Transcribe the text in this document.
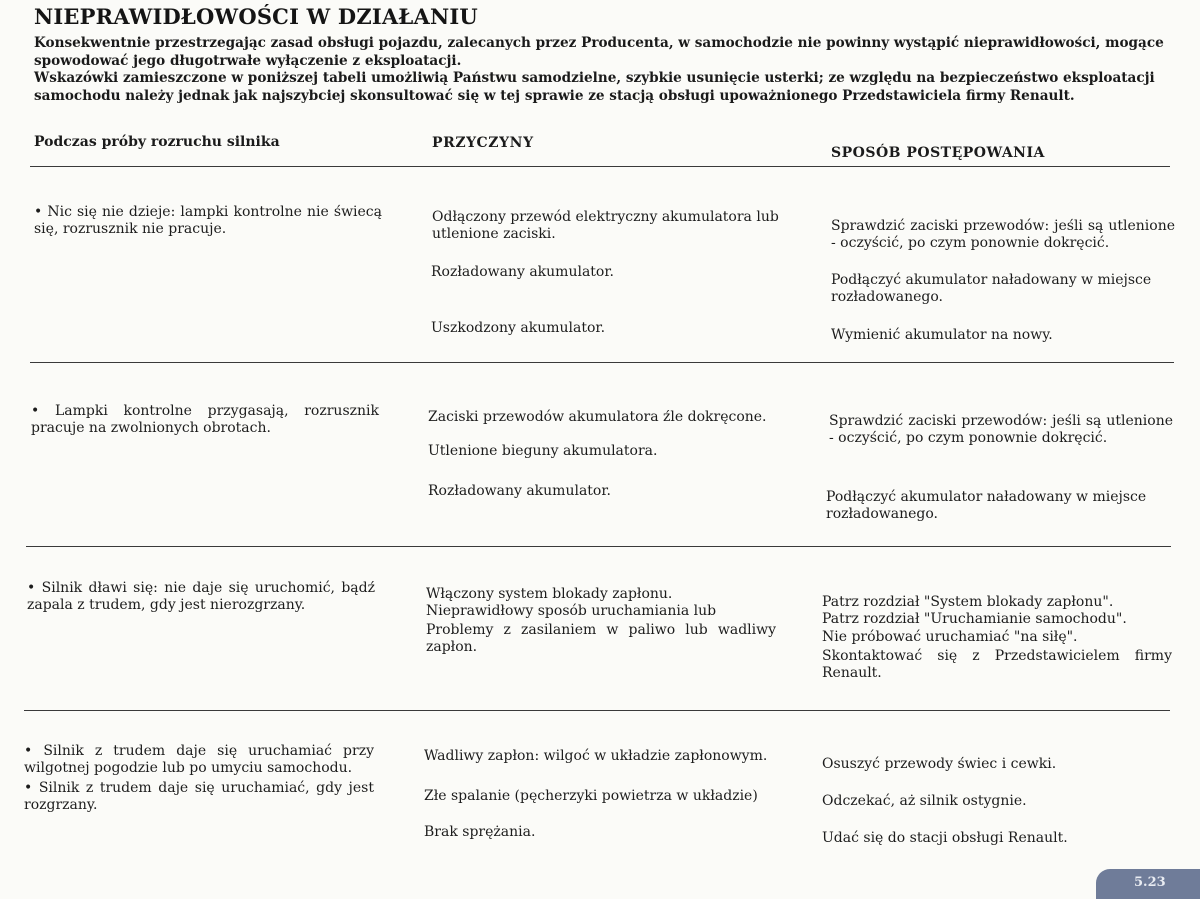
NIEPRAWIDŁOWOŚCI W DZIAŁANIU

Konsekwentnie przestrzegając zasad obsługi pojazdu, zalecanych przez Producenta, w samochodzie nie powinny wystąpić nieprawidłowości, mogące spowodować jego długotrwałe wyłączenie z eksploatacji.

Wskazówki zamieszczone w poniższej tabeli umożliwią Państwu samodzielne, szybkie usunięcie usterki; ze względu na bezpieczeństwo eksploatacji samochodu należy jednak jak najszybciej skonsultować się w tej sprawie ze stacją obsługi upoważnionego Przedstawiciela firmy Renault.

Podczas próby rozruchu silnika	PRZYCZYNY
SPOSÓB POSTĘPOWANIA
• Nic się nie dzieje: lampki kontrolne nie świecą się, rozrusznik nie pracuje.
Odłączony przewód elektryczny akumulatora lub utlenione zaciski.
Rozładowany akumulator.
Uszkodzony akumulator.
Sprawdzić zaciski przewodów: jeśli są utlenione - oczyścić, po czym ponownie dokręcić.
Podłączyć akumulator naładowany w miejsce rozładowanego.
Wymienić akumulator na nowy.
• Lampki kontrolne przygasają, rozrusznik pracuje na zwolnionych obrotach.
Zaciski przewodów akumulatora źle dokręcone.
Utlenione bieguny akumulatora.
Rozładowany akumulator.
Sprawdzić zaciski przewodów: jeśli są utlenione - oczyścić, po czym ponownie dokręcić.
Podłączyć akumulator naładowany w miejsce rozładowanego.
• Silnik dławi się: nie daje się uruchomić, bądź zapala z trudem, gdy jest nierozgrzany.
Włączony system blokady zapłonu.
Nieprawidłowy sposób uruchamiania lub
Problemy z zasilaniem w paliwo lub wadliwy zapłon.
Patrz rozdział "System blokady zapłonu".
Patrz rozdział "Uruchamianie samochodu".
Nie próbować uruchamiać "na siłę".
Skontaktować się z Przedstawicielem firmy Renault.
• Silnik z trudem daje się uruchamiać przy wilgotnej pogodzie lub po umyciu samochodu.
• Silnik z trudem daje się uruchamiać, gdy jest rozgrzany.
Wadliwy zapłon: wilgoć w układzie zapłonowym.
Złe spalanie (pęcherzyki powietrza w układzie)
Brak sprężania.
Osuszyć przewody świec i cewki.
Odczekać, aż silnik ostygnie.
Udać się do stacji obsługi Renault.
5.23
